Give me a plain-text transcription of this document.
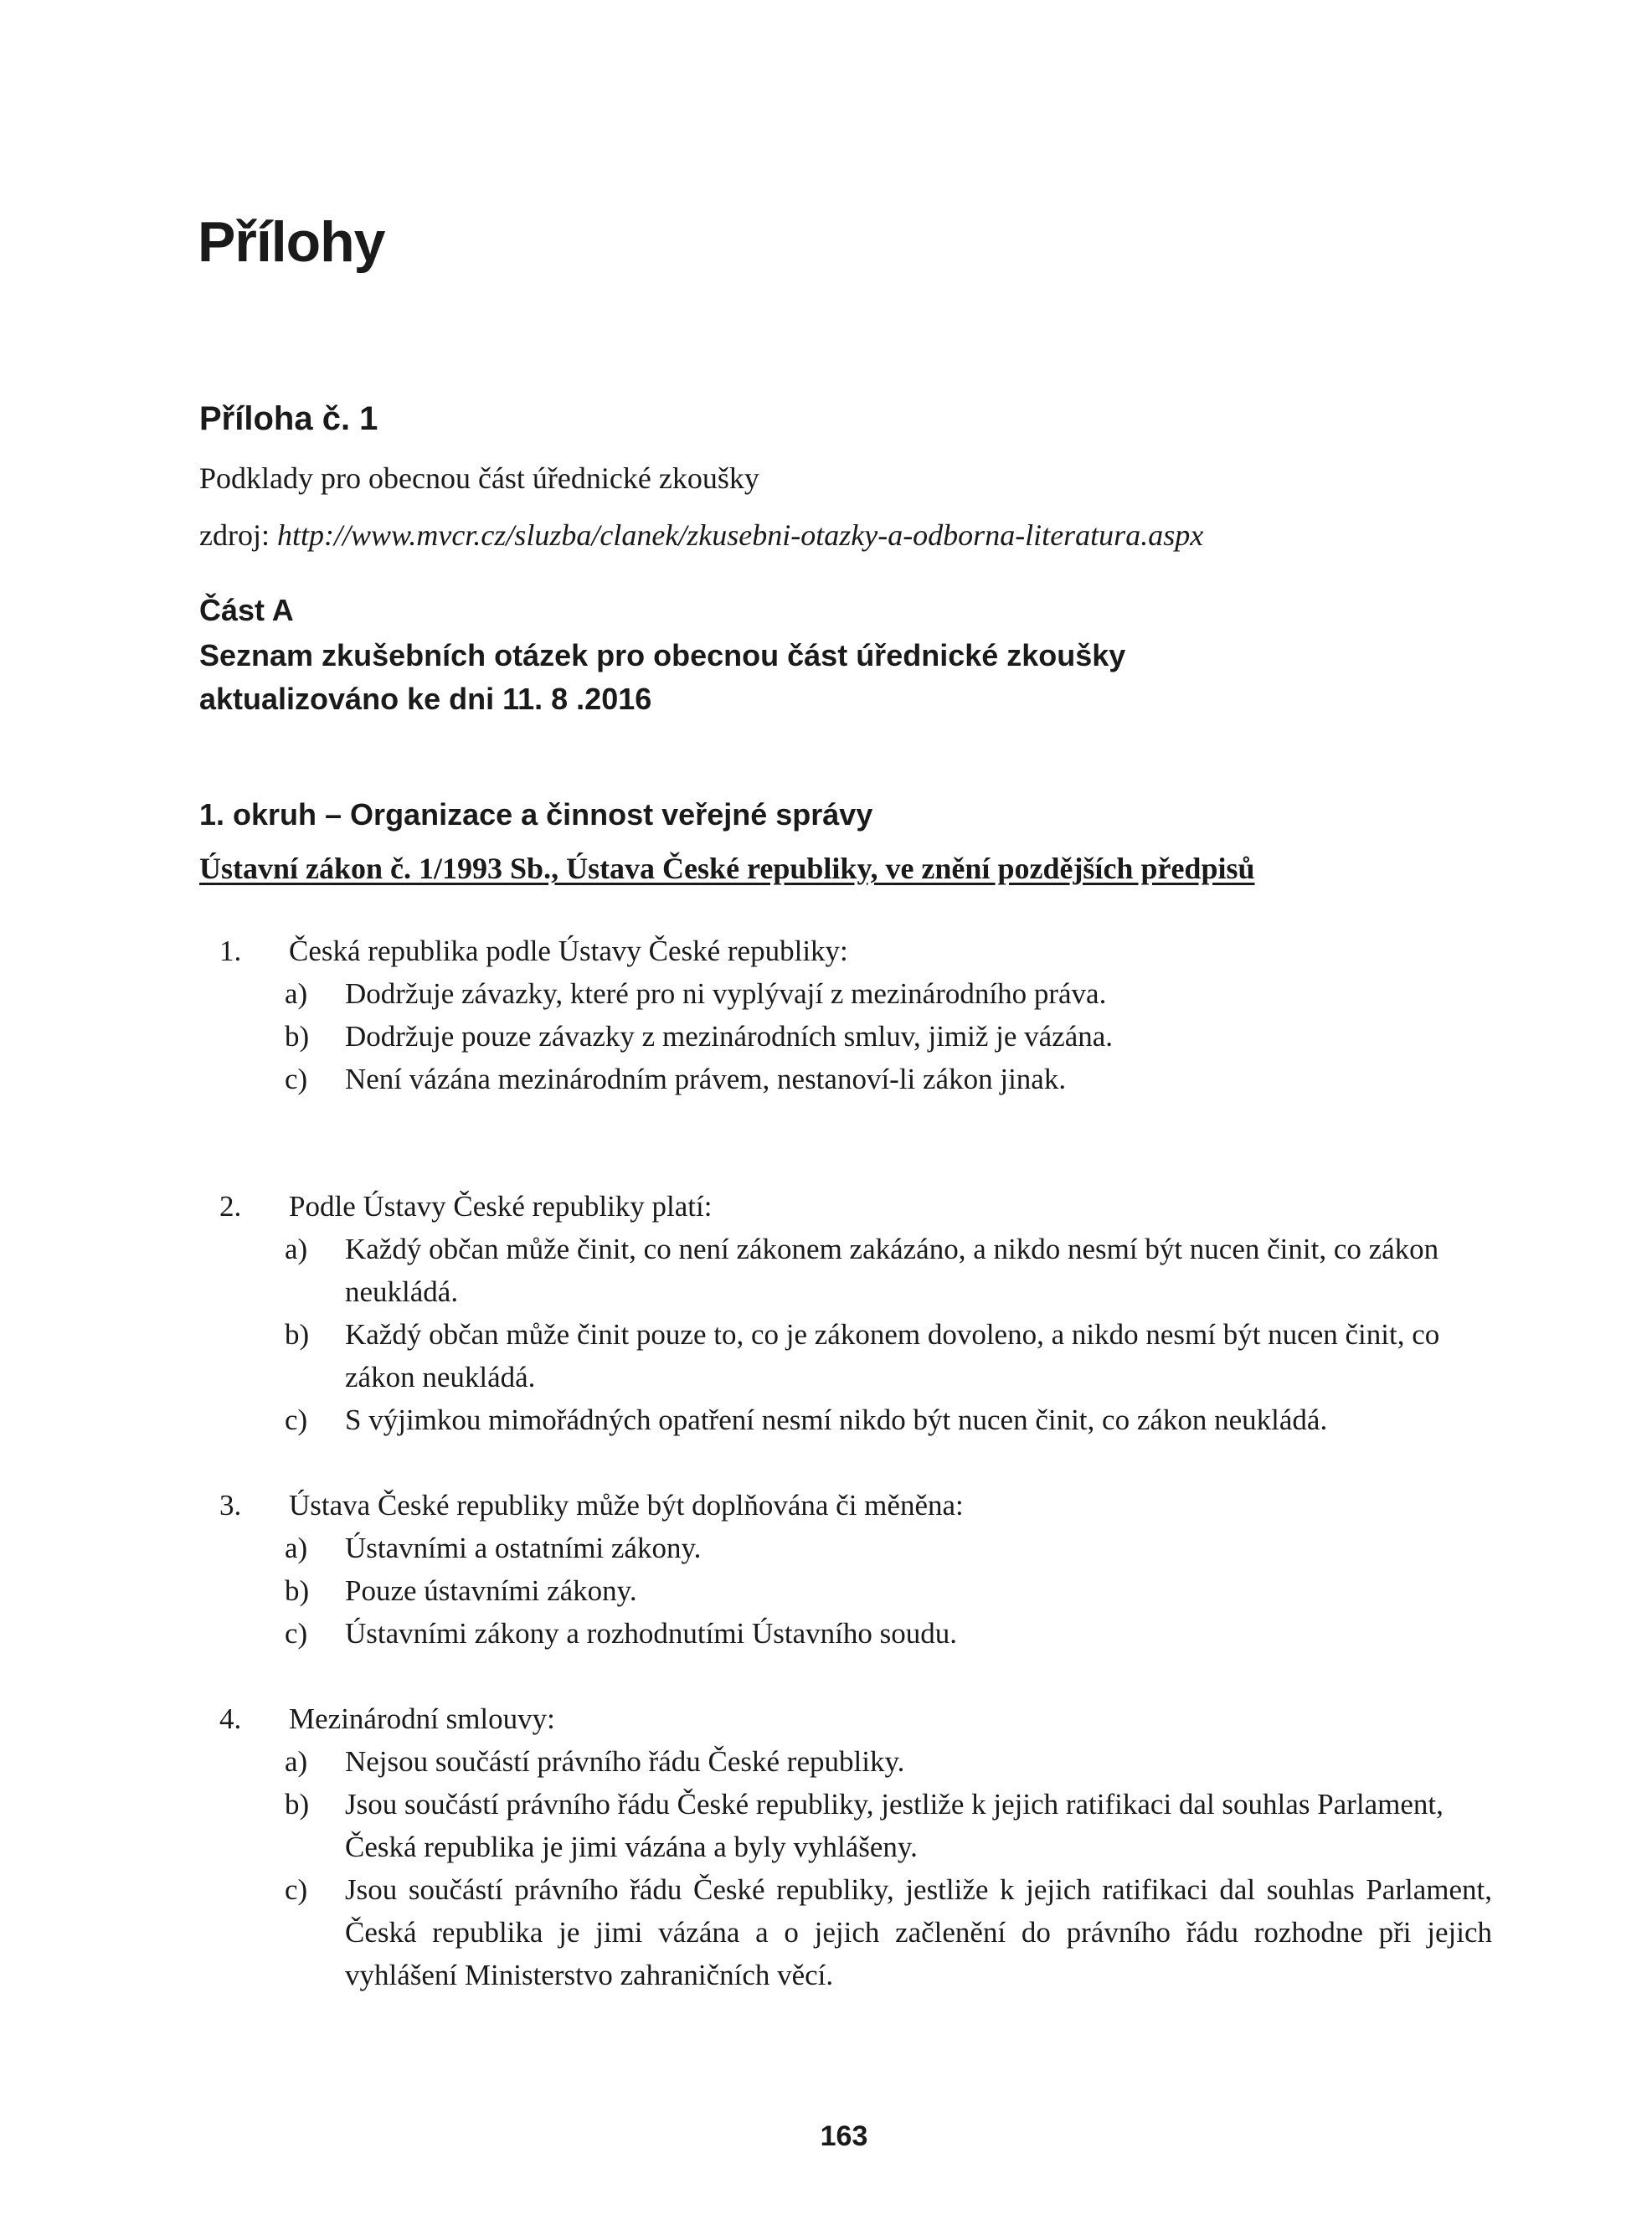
Přílohy
Příloha č. 1
Podklady pro obecnou část úřednické zkoušky
zdroj: http://www.mvcr.cz/sluzba/clanek/zkusebni-otazky-a-odborna-literatura.aspx
Část A
Seznam zkušebních otázek pro obecnou část úřednické zkoušky
aktualizováno ke dni 11. 8 .2016
1. okruh – Organizace a činnost veřejné správy
Ústavní zákon č. 1/1993 Sb., Ústava České republiky, ve znění pozdějších předpisů
1.	Česká republika podle Ústavy České republiky:
a)	Dodržuje závazky, které pro ni vyplývají z mezinárodního práva.
b)	Dodržuje pouze závazky z mezinárodních smluv, jimiž je vázána.
c)	Není vázána mezinárodním právem, nestanoví-li zákon jinak.
2.	Podle Ústavy České republiky platí:
a)	Každý občan může činit, co není zákonem zakázáno, a nikdo nesmí být nucen činit, co zákon neukládá.
b)	Každý občan může činit pouze to, co je zákonem dovoleno, a nikdo nesmí být nucen činit, co zákon neukládá.
c)	S výjimkou mimořádných opatření nesmí nikdo být nucen činit, co zákon neukládá.
3.	Ústava České republiky může být doplňována či měněna:
a)	Ústavními a ostatními zákony.
b)	Pouze ústavními zákony.
c)	Ústavními zákony a rozhodnutími Ústavního soudu.
4.	Mezinárodní smlouvy:
a)	Nejsou součástí právního řádu České republiky.
b)	Jsou součástí právního řádu České republiky, jestliže k jejich ratifikaci dal souhlas Parlament, Česká republika je jimi vázána a byly vyhlášeny.
c)	Jsou součástí právního řádu České republiky, jestliže k jejich ratifikaci dal souhlas Parlament, Česká republika je jimi vázána a o jejich začlenění do právního řádu rozhodne při jejich vyhlášení Ministerstvo zahraničních věcí.
163
